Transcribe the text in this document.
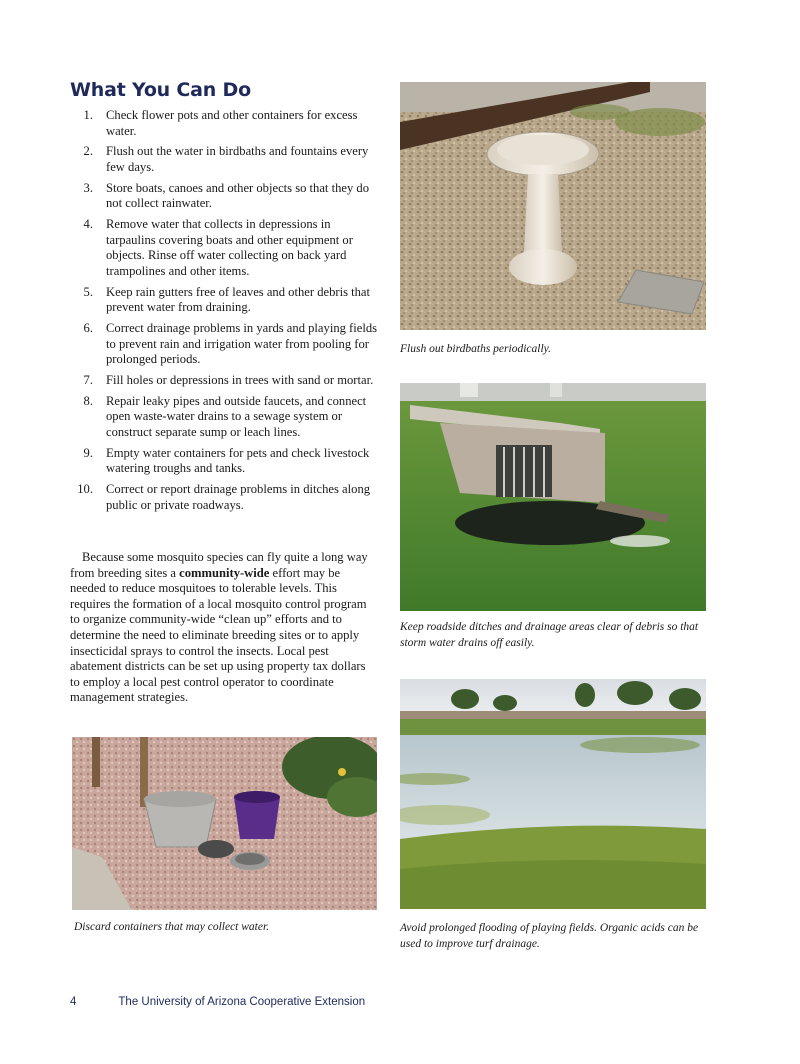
What You Can Do
1. Check flower pots and other containers for excess water.
2. Flush out the water in birdbaths and fountains every few days.
3. Store boats, canoes and other objects so that they do not collect rainwater.
4. Remove water that collects in depressions in tarpaulins covering boats and other equipment or objects. Rinse off water collecting on back yard trampolines and other items.
5. Keep rain gutters free of leaves and other debris that prevent water from draining.
6. Correct drainage problems in yards and playing fields to prevent rain and irrigation water from pooling for prolonged periods.
7. Fill holes or depressions in trees with sand or mortar.
8. Repair leaky pipes and outside faucets, and connect open waste-water drains to a sewage system or construct separate sump or leach lines.
9. Empty water containers for pets and check livestock watering troughs and tanks.
10. Correct or report drainage problems in ditches along public or private roadways.

Because some mosquito species can fly quite a long way from breeding sites a community-wide effort may be needed to reduce mosquitoes to tolerable levels. This requires the formation of a local mosquito control program to organize community-wide “clean up” efforts and to determine the need to eliminate breeding sites or to apply insecticidal sprays to control the insects. Local pest abatement districts can be set up using property tax dollars to employ a local pest control operator to coordinate management strategies.

Flush out birdbaths periodically.

Keep roadside ditches and drainage areas clear of debris so that storm water drains off easily.

Discard containers that may collect water.	Avoid prolonged flooding of playing fields. Organic acids can be used to improve turf drainage.

4	The University of Arizona Cooperative Extension
